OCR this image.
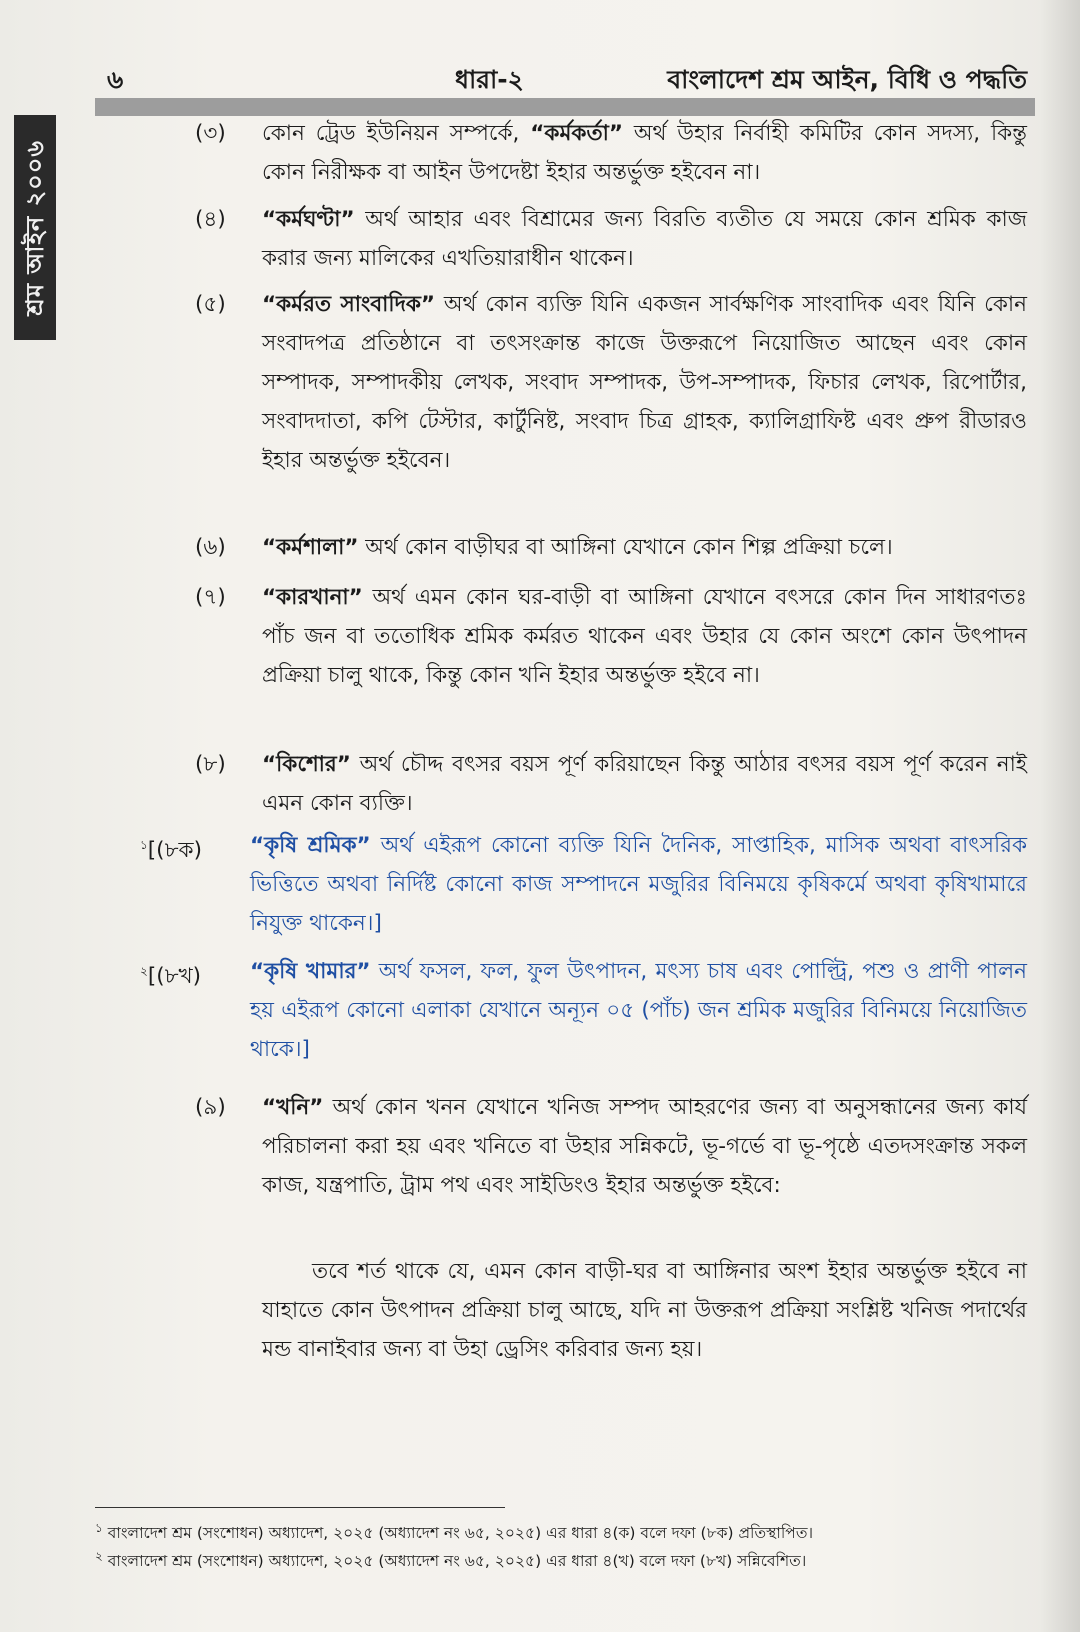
৬	ধারা-২	বাংলাদেশ শ্রম আইন, বিধি ও পদ্ধতি
শ্রম আইন ২০০৬
(৩) কোন ট্রেড ইউনিয়ন সম্পর্কে, “কর্মকর্তা” অর্থ উহার নির্বাহী কমিটির কোন সদস্য, কিন্তু কোন নিরীক্ষক বা আইন উপদেষ্টা ইহার অন্তর্ভুক্ত হইবেন না।
(৪) “কর্মঘণ্টা” অর্থ আহার এবং বিশ্রামের জন্য বিরতি ব্যতীত যে সময়ে কোন শ্রমিক কাজ করার জন্য মালিকের এখতিয়ারাধীন থাকেন।
(৫) “কর্মরত সাংবাদিক” অর্থ কোন ব্যক্তি যিনি একজন সার্বক্ষণিক সাংবাদিক এবং যিনি কোন সংবাদপত্র প্রতিষ্ঠানে বা তৎসংক্রান্ত কাজে উক্তরূপে নিয়োজিত আছেন এবং কোন সম্পাদক, সম্পাদকীয় লেখক, সংবাদ সম্পাদক, উপ-সম্পাদক, ফিচার লেখক, রিপোর্টার, সংবাদদাতা, কপি টেস্টার, কার্টুনিষ্ট, সংবাদ চিত্র গ্রাহক, ক্যালিগ্রাফিষ্ট এবং প্রুপ রীডারও ইহার অন্তর্ভুক্ত হইবেন।
(৬) “কর্মশালা” অর্থ কোন বাড়ীঘর বা আঙ্গিনা যেখানে কোন শিল্প প্রক্রিয়া চলে।
(৭) “কারখানা” অর্থ এমন কোন ঘর-বাড়ী বা আঙ্গিনা যেখানে বৎসরে কোন দিন সাধারণতঃ পাঁচ জন বা ততোধিক শ্রমিক কর্মরত থাকেন এবং উহার যে কোন অংশে কোন উৎপাদন প্রক্রিয়া চালু থাকে, কিন্তু কোন খনি ইহার অন্তর্ভুক্ত হইবে না।
(৮) “কিশোর” অর্থ চৌদ্দ বৎসর বয়স পূর্ণ করিয়াছেন কিন্তু আঠার বৎসর বয়স পূর্ণ করেন নাই এমন কোন ব্যক্তি।
$^১$[(৮ক) “কৃষি শ্রমিক” অর্থ এইরূপ কোনো ব্যক্তি যিনি দৈনিক, সাপ্তাহিক, মাসিক অথবা বাৎসরিক ভিত্তিতে অথবা নির্দিষ্ট কোনো কাজ সম্পাদনে মজুরির বিনিময়ে কৃষিকর্মে অথবা কৃষিখামারে নিযুক্ত থাকেন।]
$^২$[(৮খ) “কৃষি খামার” অর্থ ফসল, ফল, ফুল উৎপাদন, মৎস্য চাষ এবং পোল্ট্রি, পশু ও প্রাণী পালন হয় এইরূপ কোনো এলাকা যেখানে অন্যূন ০৫ (পাঁচ) জন শ্রমিক মজুরির বিনিময়ে নিয়োজিত থাকে।]
(৯) “খনি” অর্থ কোন খনন যেখানে খনিজ সম্পদ আহরণের জন্য বা অনুসন্ধানের জন্য কার্য পরিচালনা করা হয় এবং খনিতে বা উহার সন্নিকটে, ভূ-গর্ভে বা ভূ-পৃষ্ঠে এতদসংক্রান্ত সকল কাজ, যন্ত্রপাতি, ট্রাম পথ এবং সাইডিংও ইহার অন্তর্ভুক্ত হইবে:
তবে শর্ত থাকে যে, এমন কোন বাড়ী-ঘর বা আঙ্গিনার অংশ ইহার অন্তর্ভুক্ত হইবে না যাহাতে কোন উৎপাদন প্রক্রিয়া চালু আছে, যদি না উক্তরূপ প্রক্রিয়া সংশ্লিষ্ট খনিজ পদার্থের মন্ড বানাইবার জন্য বা উহা ড্রেসিং করিবার জন্য হয়।
$^১$ বাংলাদেশ শ্রম (সংশোধন) অধ্যাদেশ, ২০২৫ (অধ্যাদেশ নং ৬৫, ২০২৫) এর ধারা ৪(ক) বলে দফা (৮ক) প্রতিস্থাপিত।
$^২$ বাংলাদেশ শ্রম (সংশোধন) অধ্যাদেশ, ২০২৫ (অধ্যাদেশ নং ৬৫, ২০২৫) এর ধারা ৪(খ) বলে দফা (৮খ) সন্নিবেশিত।
